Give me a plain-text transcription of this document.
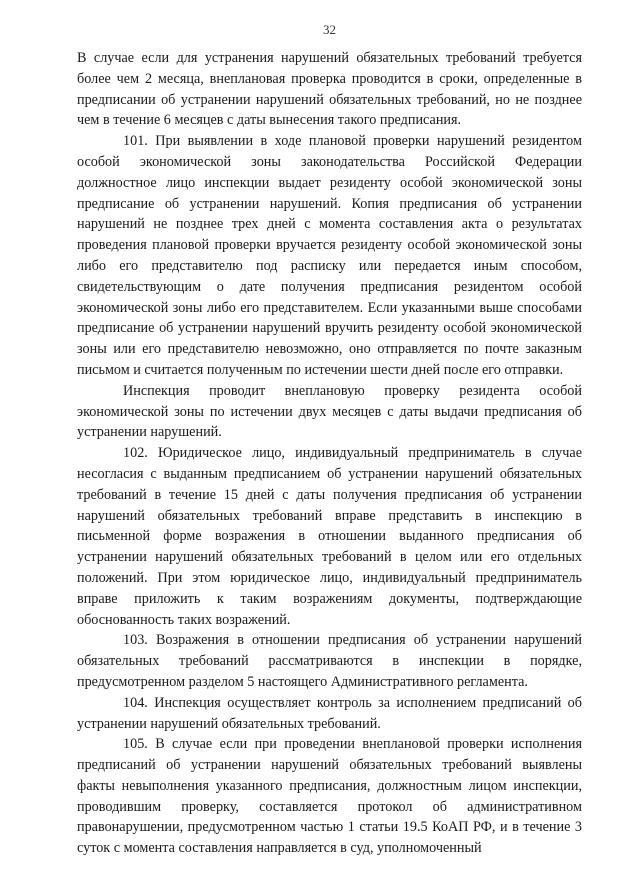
32

В случае если для устранения нарушений обязательных требований требуется более чем 2 месяца, внеплановая проверка проводится в сроки, определенные в предписании об устранении нарушений обязательных требований, но не позднее чем в течение 6 месяцев с даты вынесения такого предписания.

101. При выявлении в ходе плановой проверки нарушений резидентом особой экономической зоны законодательства Российской Федерации должностное лицо инспекции выдает резиденту особой экономической зоны предписание об устранении нарушений. Копия предписания об устранении нарушений не позднее трех дней с момента составления акта о результатах проведения плановой проверки вручается резиденту особой экономической зоны либо его представителю под расписку или передается иным способом, свидетельствующим о дате получения предписания резидентом особой экономической зоны либо его представителем. Если указанными выше способами предписание об устранении нарушений вручить резиденту особой экономической зоны или его представителю невозможно, оно отправляется по почте заказным письмом и считается полученным по истечении шести дней после его отправки.

Инспекция проводит внеплановую проверку резидента особой экономической зоны по истечении двух месяцев с даты выдачи предписания об устранении нарушений.

102. Юридическое лицо, индивидуальный предприниматель в случае несогласия с выданным предписанием об устранении нарушений обязательных требований в течение 15 дней с даты получения предписания об устранении нарушений обязательных требований вправе представить в инспекцию в письменной форме возражения в отношении выданного предписания об устранении нарушений обязательных требований в целом или его отдельных положений. При этом юридическое лицо, индивидуальный предприниматель вправе приложить к таким возражениям документы, подтверждающие обоснованность таких возражений.

103. Возражения в отношении предписания об устранении нарушений обязательных требований рассматриваются в инспекции в порядке, предусмотренном разделом 5 настоящего Административного регламента.

104. Инспекция осуществляет контроль за исполнением предписаний об устранении нарушений обязательных требований.

105. В случае если при проведении внеплановой проверки исполнения предписаний об устранении нарушений обязательных требований выявлены факты невыполнения указанного предписания, должностным лицом инспекции, проводившим проверку, составляется протокол об административном правонарушении, предусмотренном частью 1 статьи 19.5 КоАП РФ, и в течение 3 суток с момента составления направляется в суд, уполномоченный
